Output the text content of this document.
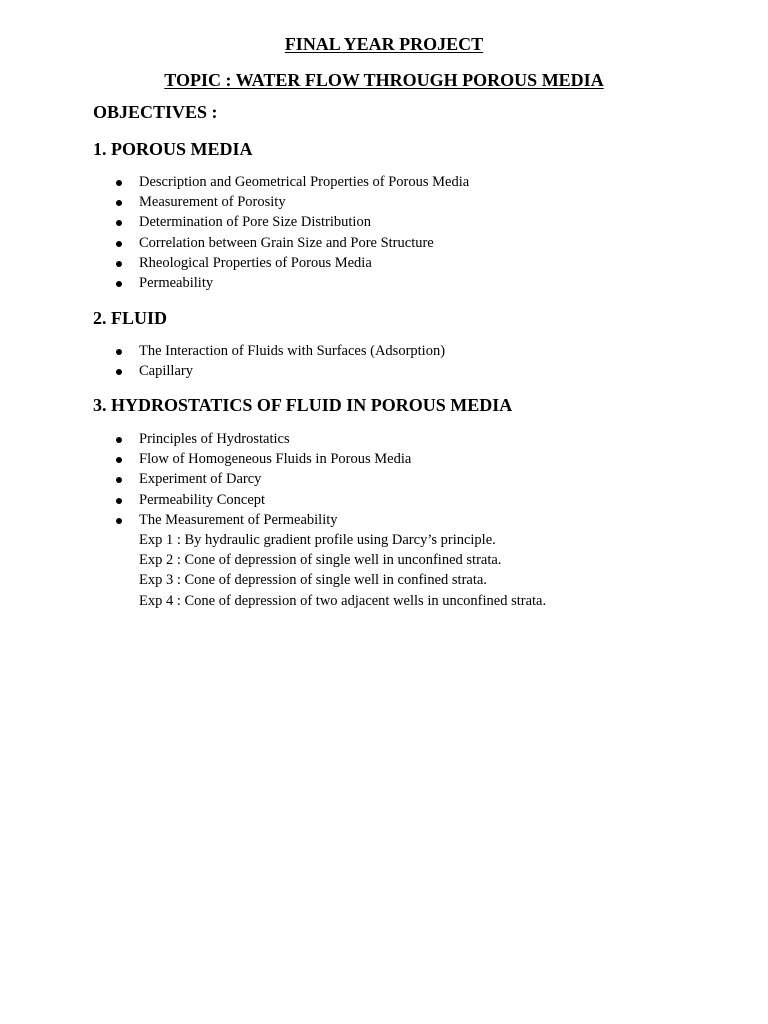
FINAL YEAR PROJECT
TOPIC : WATER FLOW THROUGH POROUS MEDIA
OBJECTIVES :
1. POROUS MEDIA
Description and Geometrical Properties of Porous Media
Measurement of Porosity
Determination of Pore Size Distribution
Correlation between Grain Size and Pore Structure
Rheological Properties of Porous Media
Permeability
2. FLUID
The Interaction of Fluids with Surfaces (Adsorption)
Capillary
3. HYDROSTATICS OF FLUID IN POROUS MEDIA
Principles of Hydrostatics
Flow of Homogeneous Fluids in Porous Media
Experiment of Darcy
Permeability Concept
The Measurement of Permeability
Exp 1 : By hydraulic gradient profile using Darcy’s principle.
Exp 2 : Cone of depression of single well in unconfined strata.
Exp 3 : Cone of depression of single well in confined strata.
Exp 4 : Cone of depression of two adjacent wells in unconfined strata.
